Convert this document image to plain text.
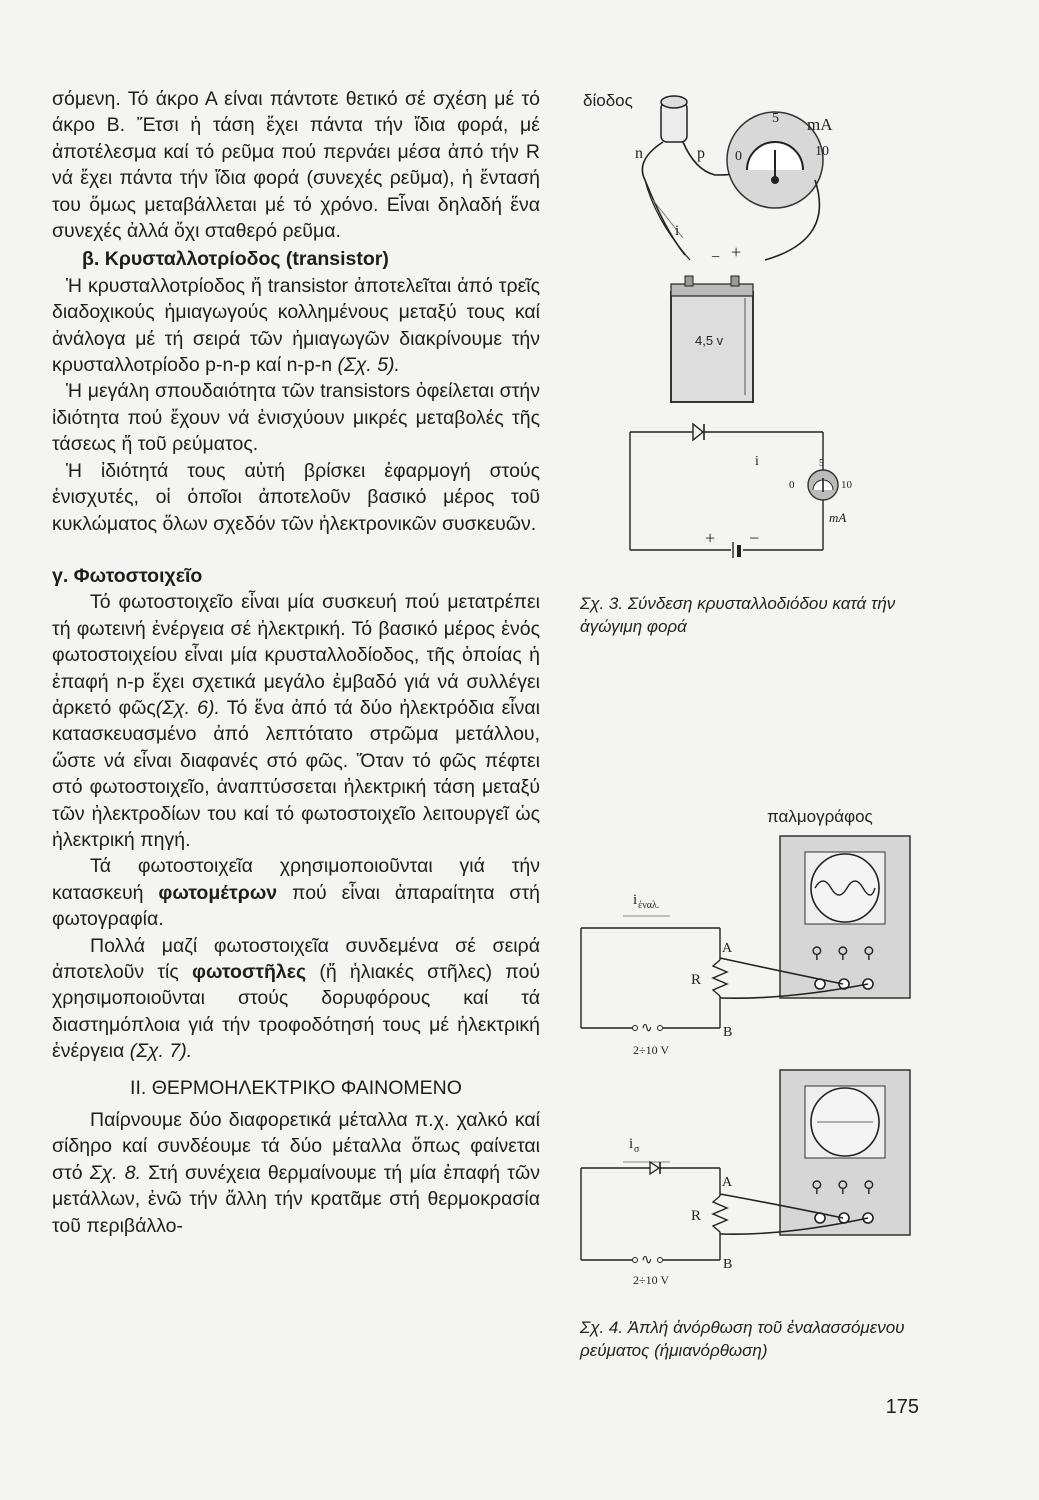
σόμενη. Τό άκρο Α είναι πάντοτε θετικό σέ σχέση μέ τό άκρο Β. Ἔτσι ἡ τάση ἔχει πάντα τήν ἴδια φορά, μέ ἀποτέλεσμα καί τό ρεῦμα πού περνάει μέσα ἀπό τήν R νά ἔχει πάντα τήν ἴδια φορά (συνεχές ρεῦμα), ἡ ἔντασή του ὅμως μεταβάλλεται μέ τό χρόνο. Εἶναι δηλαδή ἕνα συνεχές ἀλλά ὄχι σταθερό ρεῦμα.

β. Κρυσταλλοτρίοδος (transistor)

Ἡ κρυσταλλοτρίοδος ἤ transistor ἀποτελεῖται ἀπό τρεῖς διαδοχικούς ἡμιαγωγούς κολλημένους μεταξύ τους καί ἀνάλογα μέ τή σειρά τῶν ἡμιαγωγῶν διακρίνουμε τήν κρυσταλλοτρίοδο p-n-p καί n-p-n (Σχ. 5).

Ἡ μεγάλη σπουδαιότητα τῶν transistors ὀφείλεται στήν ἰδιότητα πού ἔχουν νά ἐνισχύουν μικρές μεταβολές τῆς τάσεως ἤ τοῦ ρεύματος.

Ἡ ἰδιότητά τους αὐτή βρίσκει ἐφαρμογή στούς ἐνισχυτές, οἱ ὁποῖοι ἀποτελοῦν βασικό μέρος τοῦ κυκλώματος ὅλων σχεδόν τῶν ἠλεκτρονικῶν συσκευῶν.

γ. Φωτοστοιχεῖο

Τό φωτοστοιχεῖο εἶναι μία συσκευή πού μετατρέπει τή φωτεινή ἐνέργεια σέ ἠλεκτρική. Τό βασικό μέρος ἑνός φωτοστοιχείου εἶναι μία κρυσταλλοδίοδος, τῆς ὁποίας ἡ ἐπαφή n-p ἔχει σχετικά μεγάλο ἐμβαδό γιά νά συλλέγει ἀρκετό φῶς(Σχ. 6). Τό ἕνα ἀπό τά δύο ἠλεκτρόδια εἶναι κατασκευασμένο ἀπό λεπτότατο στρῶμα μετάλλου, ὥστε νά εἶναι διαφανές στό φῶς. Ὅταν τό φῶς πέφτει στό φωτοστοιχεῖο, ἀναπτύσσεται ἠλεκτρική τάση μεταξύ τῶν ἠλεκτροδίων του καί τό φωτοστοιχεῖο λειτουργεῖ ὡς ἠλεκτρική πηγή.

Τά φωτοστοιχεῖα χρησιμοποιοῦνται γιά τήν κατασκευή φωτομέτρων πού εἶναι ἀπαραίτητα στή φωτογραφία.

Πολλά μαζί φωτοστοιχεῖα συνδεμένα σέ σειρά ἀποτελοῦν τίς φωτοστῆλες (ἤ ἡλιακές στῆλες) πού χρησιμοποιοῦνται στούς δορυφόρους καί τά διαστημόπλοια γιά τήν τροφοδότησή τους μέ ἠλεκτρική ἐνέργεια (Σχ. 7).

II. ΘΕΡΜΟΗΛΕΚΤΡΙΚΟ ΦΑΙΝΟΜΕΝΟ

Παίρνουμε δύο διαφορετικά μέταλλα π.χ. χαλκό καί σίδηρο καί συνδέουμε τά δύο μέταλλα ὅπως φαίνεται στό Σχ. 8. Στή συνέχεια θερμαίνουμε τή μία ἐπαφή τῶν μετάλλων, ἐνῶ τήν ἄλλη τήν κρατᾶμε στή θερμοκρασία τοῦ περιβάλλο-

δίοδος
n	p 0
5
10
mA
i
− +
4,5 v
i
0
5
10
mA
+ −
Σχ. 3. Σύνδεση κρυσταλλοδιόδου κατά τήν ἀγώγιμη φορά
παλμογράφος
⚲ ⚲ ⚲
i ἐναλ.
∿
A
R
B
2÷10 V
⚲ ⚲ ⚲
i σ
∿
A
R
B
2÷10 V
Σχ. 4. Ἁπλή ἀνόρθωση τοῦ ἐναλασσόμενου ρεύματος (ἡμιανόρθωση)
175
